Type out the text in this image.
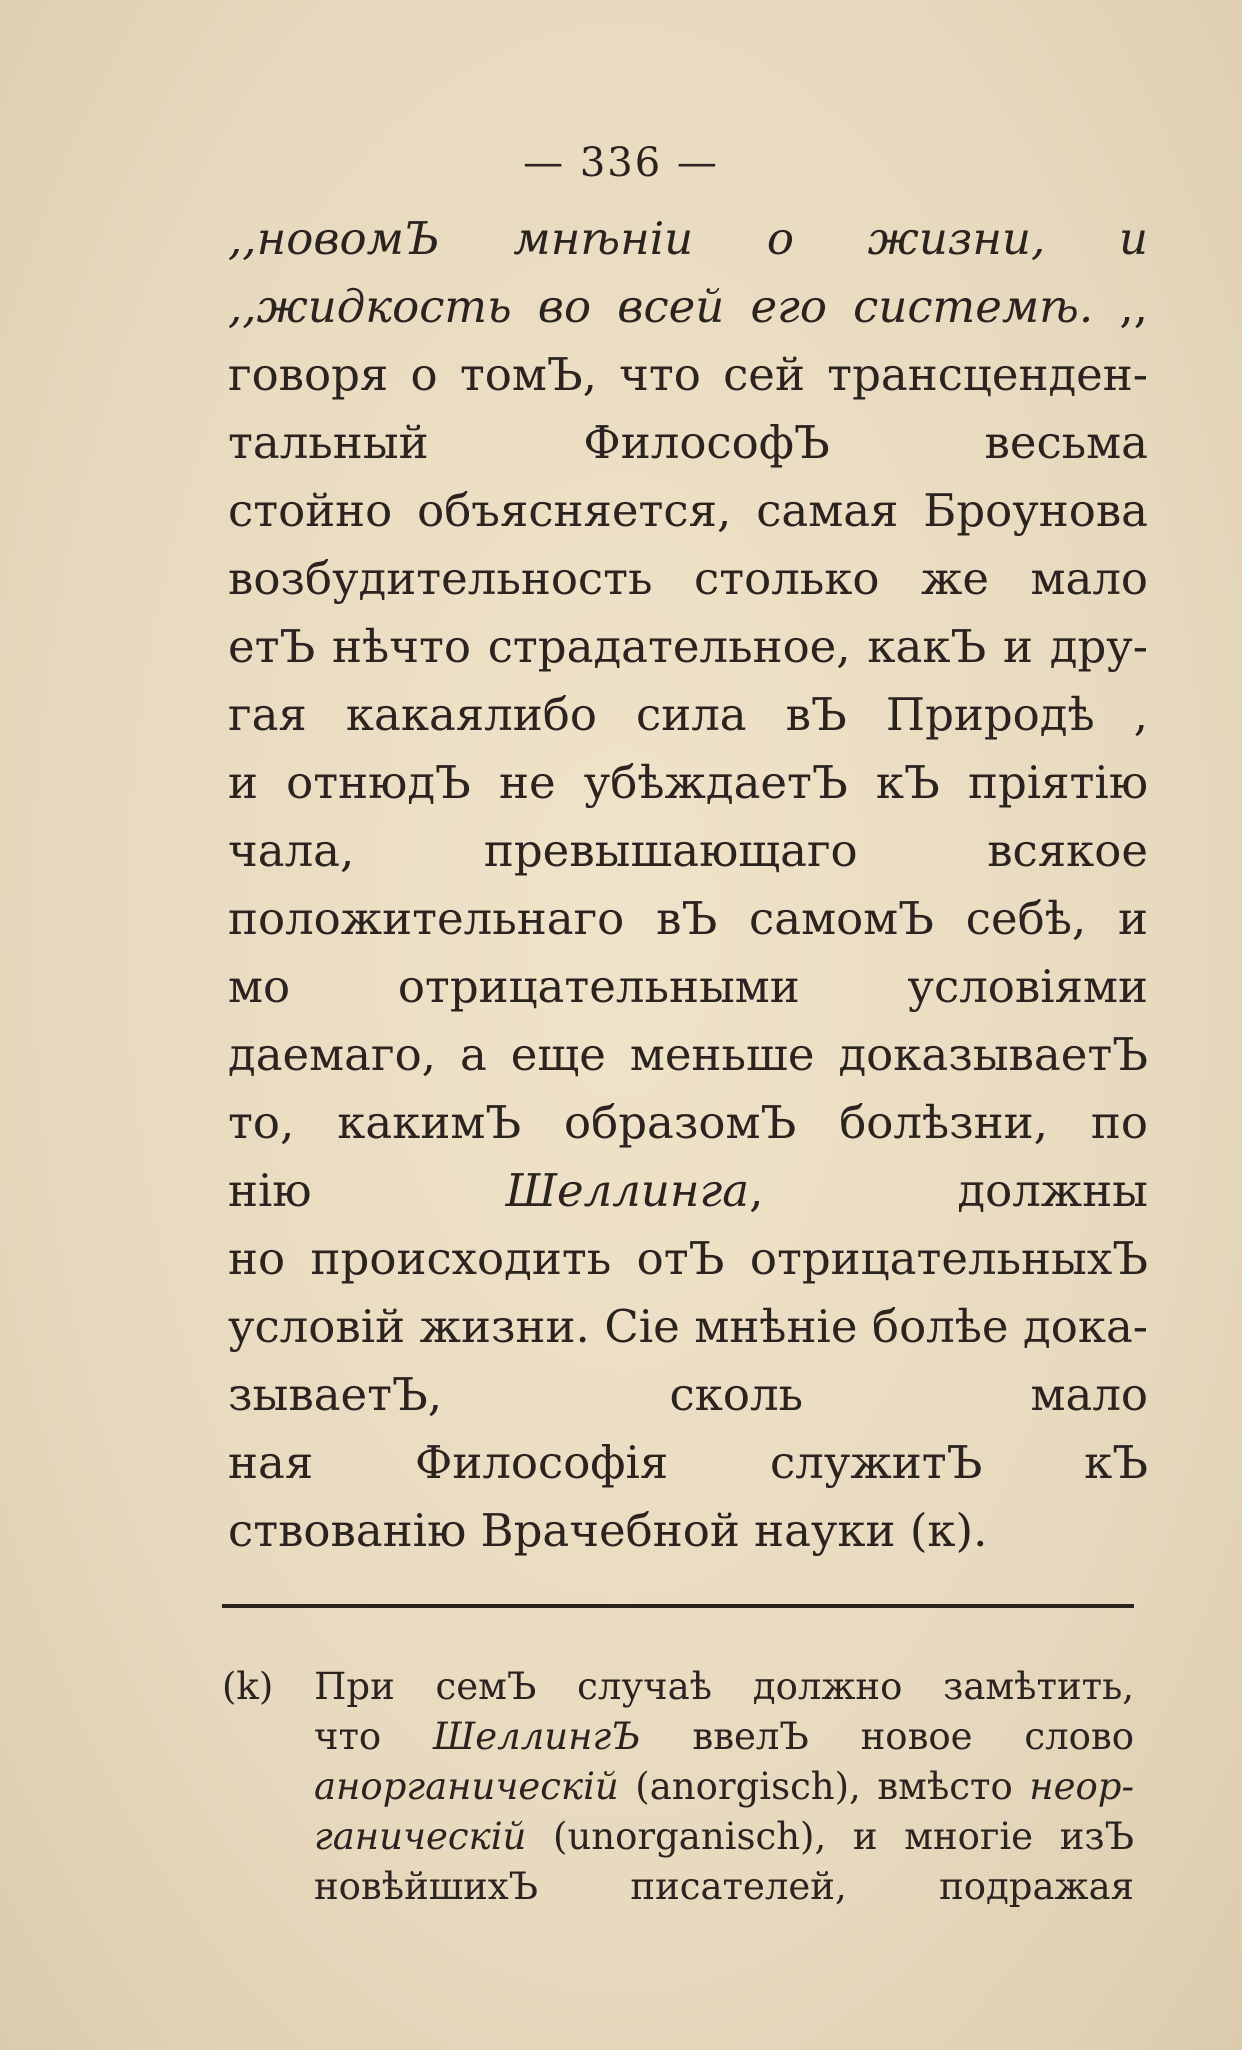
— 336 —
,,новомЪ мнѣніи о жизни, и
,,жидкость во всей его системѣ. ,,
говоря о томЪ, что сей трансценден-
тальный ФилософЪ весьма
стойно объясняется, самая Броунова
возбудительность столько же мало
етЪ нѣчто страдательное, какЪ и дру-
гая какаялибо сила вЪ Природѣ ,
и отнюдЪ не убѣждаетЪ кЪ пріятію
чала, превышающаго всякое
положительнаго вЪ самомЪ себѣ, и
мо отрицательными условіями
даемаго, а еще меньше доказываетЪ
то, какимЪ образомЪ болѣзни, по
нію Шеллинга, должны
но происходить отЪ отрицательныхЪ
условій жизни. Сіе мнѣніе болѣе дока-
зываетЪ, сколь мало
ная Философія служитЪ кЪ
ствованію Врачебной науки (к).
(k) При семЪ случаѣ должно замѣтить,
что ШеллингЪ ввелЪ новое слово
анорганическій (anorgisch), вмѣсто неор-
ганическій (unorganisch), и многіе изЪ
новѣйшихЪ писателей, подражая
